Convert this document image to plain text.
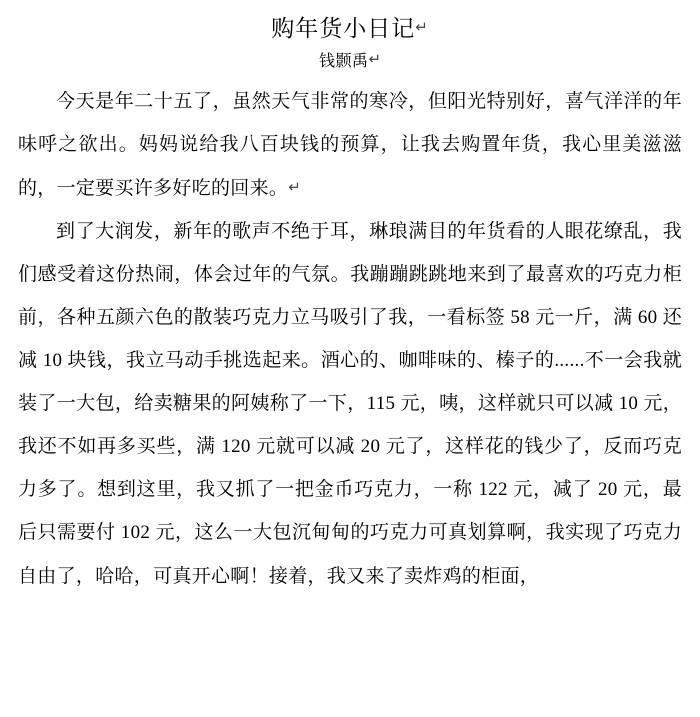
购年货小日记↵
钱颢禹↵

今天是年二十五了，虽然天气非常的寒冷，但阳光特别好，喜气洋洋的年味呼之欲出。妈妈说给我八百块钱的预算，让我去购置年货，我心里美滋滋的，一定要买许多好吃的回来。↵

到了大润发，新年的歌声不绝于耳，琳琅满目的年货看的人眼花缭乱，我们感受着这份热闹，体会过年的气氛。我蹦蹦跳跳地来到了最喜欢的巧克力柜前，各种五颜六色的散装巧克力立马吸引了我，一看标签 58 元一斤，满 60 还减 10 块钱，我立马动手挑选起来。酒心的、咖啡味的、榛子的......不一会我就装了一大包，给卖糖果的阿姨称了一下，115 元，咦，这样就只可以减 10 元，我还不如再多买些，满 120 元就可以减 20 元了，这样花的钱少了，反而巧克力多了。想到这里，我又抓了一把金币巧克力，一称 122 元，减了 20 元，最后只需要付 102 元，这么一大包沉甸甸的巧克力可真划算啊，我实现了巧克力自由了，哈哈，可真开心啊！接着，我又来了卖炸鸡的柜面，
